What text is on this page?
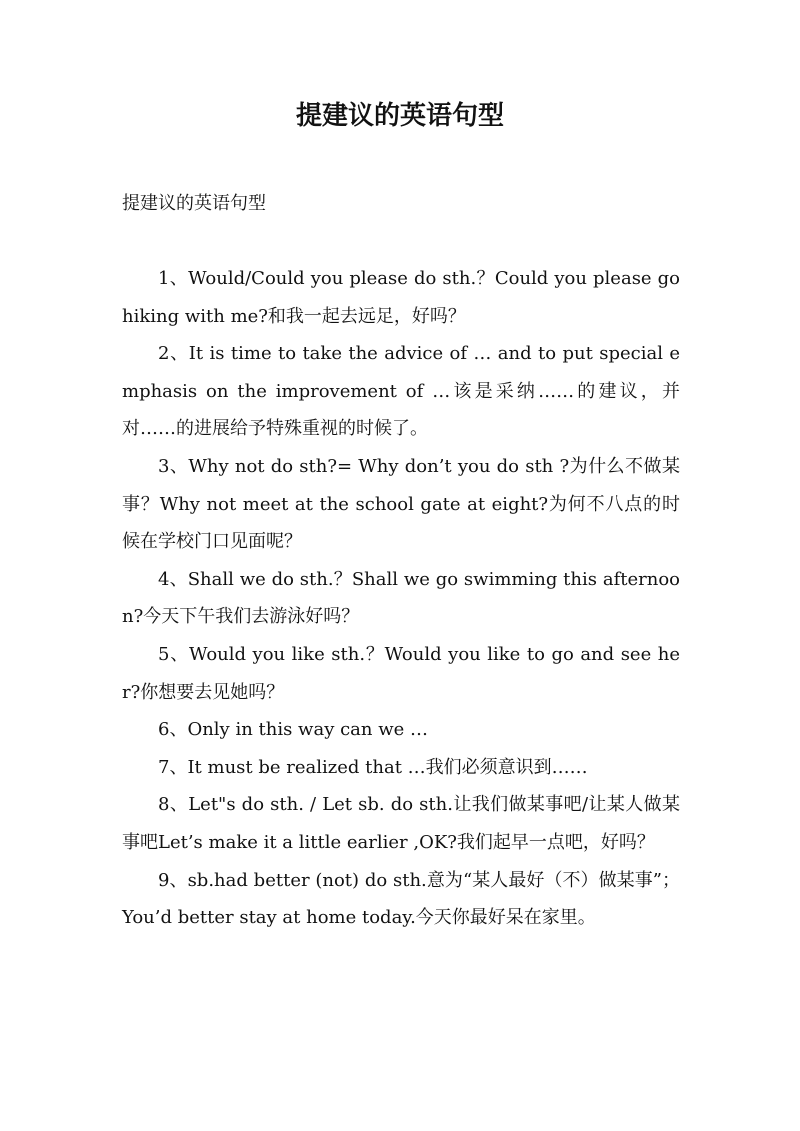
提建议的英语句型

提建议的英语句型

1、Would/Could you please do sth.？Could you please go hiking with me?和我一起去远足，好吗？

2、It is time to take the advice of … and to put special emphasis on the improvement of …该是采纳……的建议，并对……的进展给予特殊重视的时候了。

3、Why not do sth?= Why don’t you do sth ?为什么不做某事？Why not meet at the school gate at eight?为何不八点的时候在学校门口见面呢？

4、Shall we do sth.？Shall we go swimming this afternoon?今天下午我们去游泳好吗？

5、Would you like sth.？Would you like to go and see her?你想要去见她吗？

6、Only in this way can we …

7、It must be realized that …我们必须意识到……

8、Let"s do sth. / Let sb. do sth.让我们做某事吧/让某人做某事吧Let’s make it a little earlier ,OK?我们起早一点吧，好吗？

9、sb.had better (not) do sth.意为“某人最好（不）做某事”；You’d better stay at home today.今天你最好呆在家里。
